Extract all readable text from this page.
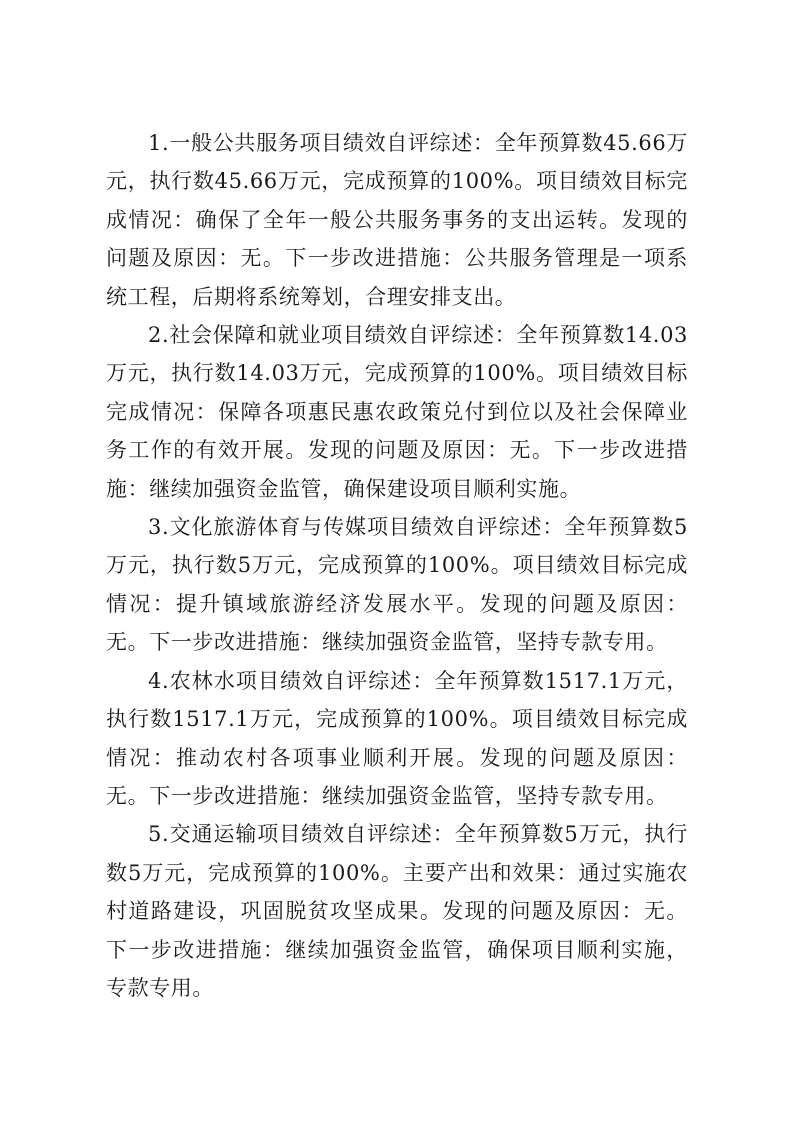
1.一般公共服务项目绩效自评综述：全年预算数45.66万元，执行数45.66万元，完成预算的100%。项目绩效目标完成情况：确保了全年一般公共服务事务的支出运转。发现的问题及原因：无。下一步改进措施：公共服务管理是一项系统工程，后期将系统筹划，合理安排支出。

2.社会保障和就业项目绩效自评综述：全年预算数14.03万元，执行数14.03万元，完成预算的100%。项目绩效目标完成情况：保障各项惠民惠农政策兑付到位以及社会保障业务工作的有效开展。发现的问题及原因：无。下一步改进措施：继续加强资金监管，确保建设项目顺利实施。

3.文化旅游体育与传媒项目绩效自评综述：全年预算数5万元，执行数5万元，完成预算的100%。项目绩效目标完成情况：提升镇域旅游经济发展水平。发现的问题及原因：无。下一步改进措施：继续加强资金监管，坚持专款专用。

4.农林水项目绩效自评综述：全年预算数1517.1万元，执行数1517.1万元，完成预算的100%。项目绩效目标完成情况：推动农村各项事业顺利开展。发现的问题及原因：无。下一步改进措施：继续加强资金监管，坚持专款专用。

5.交通运输项目绩效自评综述：全年预算数5万元，执行数5万元，完成预算的100%。主要产出和效果：通过实施农村道路建设，巩固脱贫攻坚成果。发现的问题及原因：无。下一步改进措施：继续加强资金监管，确保项目顺利实施，专款专用。
